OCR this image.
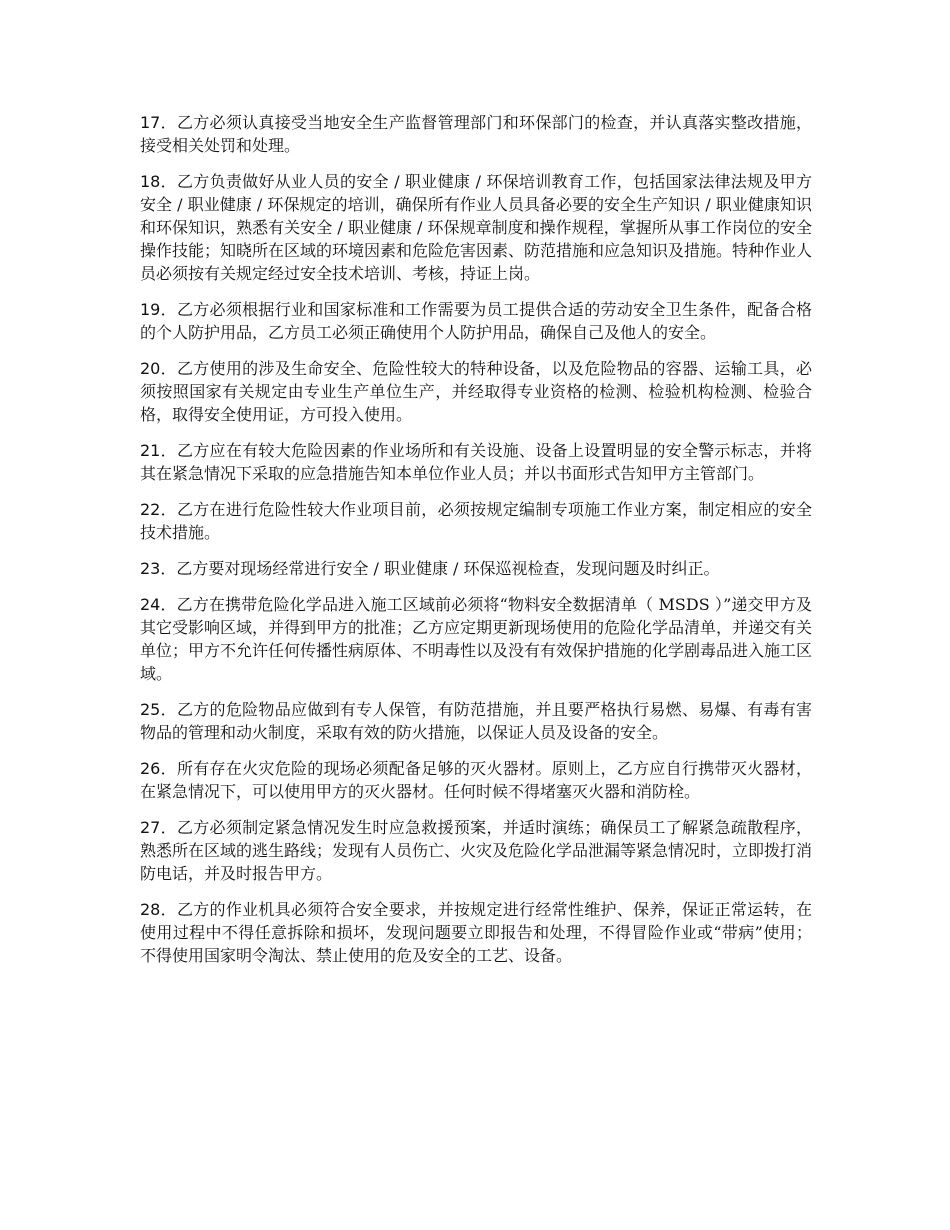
17．乙方必须认真接受当地安全生产监督管理部门和环保部门的检查，并认真落实整改措施，接受相关处罚和处理。

18．乙方负责做好从业人员的安全 / 职业健康 / 环保培训教育工作，包括国家法律法规及甲方安全 / 职业健康 / 环保规定的培训，确保所有作业人员具备必要的安全生产知识 / 职业健康知识和环保知识，熟悉有关安全 / 职业健康 / 环保规章制度和操作规程，掌握所从事工作岗位的安全操作技能；知晓所在区域的环境因素和危险危害因素、防范措施和应急知识及措施。特种作业人员必须按有关规定经过安全技术培训、考核，持证上岗。

19．乙方必须根据行业和国家标准和工作需要为员工提供合适的劳动安全卫生条件，配备合格的个人防护用品，乙方员工必须正确使用个人防护用品，确保自己及他人的安全。

20．乙方使用的涉及生命安全、危险性较大的特种设备，以及危险物品的容器、运输工具，必须按照国家有关规定由专业生产单位生产，并经取得专业资格的检测、检验机构检测、检验合格，取得安全使用证，方可投入使用。

21．乙方应在有较大危险因素的作业场所和有关设施、设备上设置明显的安全警示标志，并将其在紧急情况下采取的应急措施告知本单位作业人员；并以书面形式告知甲方主管部门。

22．乙方在进行危险性较大作业项目前，必须按规定编制专项施工作业方案，制定相应的安全技术措施。

23．乙方要对现场经常进行安全 / 职业健康 / 环保巡视检查，发现问题及时纠正。

24．乙方在携带危险化学品进入施工区域前必须将“物料安全数据清单（ MSDS ）”递交甲方及其它受影响区域，并得到甲方的批准；乙方应定期更新现场使用的危险化学品清单，并递交有关单位；甲方不允许任何传播性病原体、不明毒性以及没有有效保护措施的化学剧毒品进入施工区域。

25．乙方的危险物品应做到有专人保管，有防范措施，并且要严格执行易燃、易爆、有毒有害物品的管理和动火制度，采取有效的防火措施，以保证人员及设备的安全。

26．所有存在火灾危险的现场必须配备足够的灭火器材。原则上，乙方应自行携带灭火器材，在紧急情况下，可以使用甲方的灭火器材。任何时候不得堵塞灭火器和消防栓。

27．乙方必须制定紧急情况发生时应急救援预案，并适时演练；确保员工了解紧急疏散程序，熟悉所在区域的逃生路线；发现有人员伤亡、火灾及危险化学品泄漏等紧急情况时，立即拨打消防电话，并及时报告甲方。

28．乙方的作业机具必须符合安全要求，并按规定进行经常性维护、保养，保证正常运转，在使用过程中不得任意拆除和损坏，发现问题要立即报告和处理，不得冒险作业或“带病”使用；不得使用国家明令淘汰、禁止使用的危及安全的工艺、设备。
